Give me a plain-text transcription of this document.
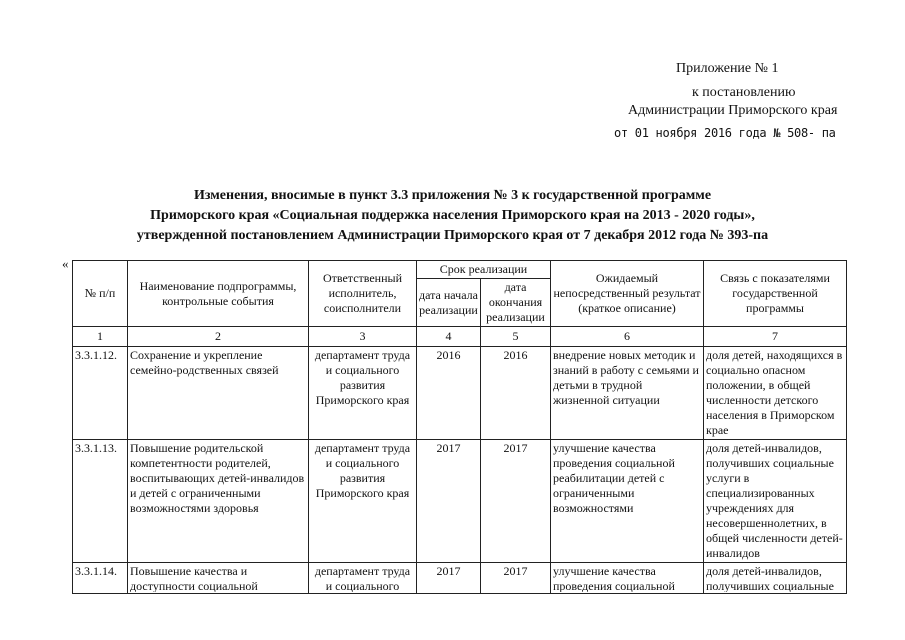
Приложение № 1
к постановлению
Администрации Приморского края
от 01 ноября 2016 года № 508- па
Изменения, вносимые в пункт 3.3 приложения № 3 к государственной программе
Приморского края «Социальная поддержка населения Приморского края на 2013 - 2020 годы»,
утвержденной постановлением Администрации Приморского края от 7 декабря 2012 года № 393-па
«
№ п/п	Наименование подпрограммы, контрольные события	Ответственный исполнитель, соисполнители	Срок реализации		Ожидаемый непосредственный результат (краткое описание)	Связь с показателями государственной программы
			дата начала реализации	дата окончания реализации		
1	2	3	4	5	6	7
3.3.1.12.	Сохранение и укрепление семейно-родственных связей	департамент труда и социального развития Приморского края	2016	2016	внедрение новых методик и знаний в работу с семьями и детьми в трудной жизненной ситуации	доля детей, находящихся в социально опасном положении, в общей численности детского населения в Приморском крае
3.3.1.13.	Повышение родительской компетентности родителей, воспитывающих детей-инвалидов и детей с ограниченными возможностями здоровья	департамент труда и социального развития Приморского края	2017	2017	улучшение качества проведения социальной реабилитации детей с ограниченными возможностями	доля детей-инвалидов, получивших социальные услуги в специализированных учреждениях для несовершеннолетних, в общей численности детей-инвалидов

3.3.1.14.	Повышение качества и доступности социальной	департамент труда и социального	2017	2017	улучшение качества проведения социальной	доля детей-инвалидов, получивших социальные
